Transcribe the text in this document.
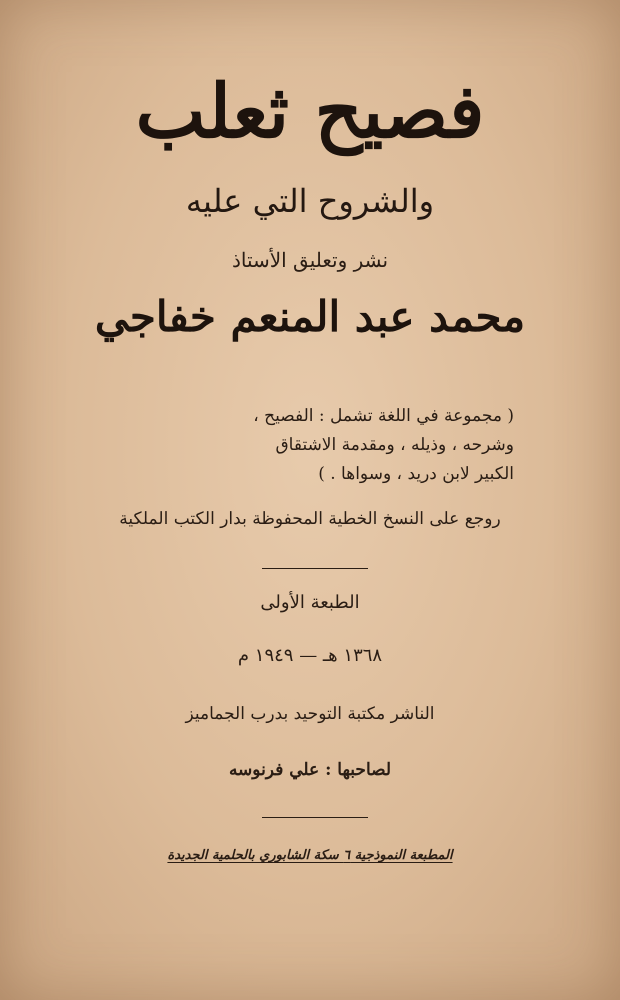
فصيح ثعلب
والشروح التي عليه
نشر وتعليق الأستاذ
محمد عبد المنعم خفاجي
( مجموعة في اللغة تشمل : الفصيح ،
وشرحه ، وذيله ، ومقدمة الاشتقاق
الكبير لابن دريد ، وسواها . )
روجع على النسخ الخطية المحفوظة بدار الكتب الملكية
الطبعة الأولى
١٣٦٨ هـ — ١٩٤٩ م
الناشر مكتبة التوحيد بدرب الجماميز
لصاحبها : علي فرنوسه
المطبعة النموذجية ٦ سكة الشابوري بالحلمية الجديدة
